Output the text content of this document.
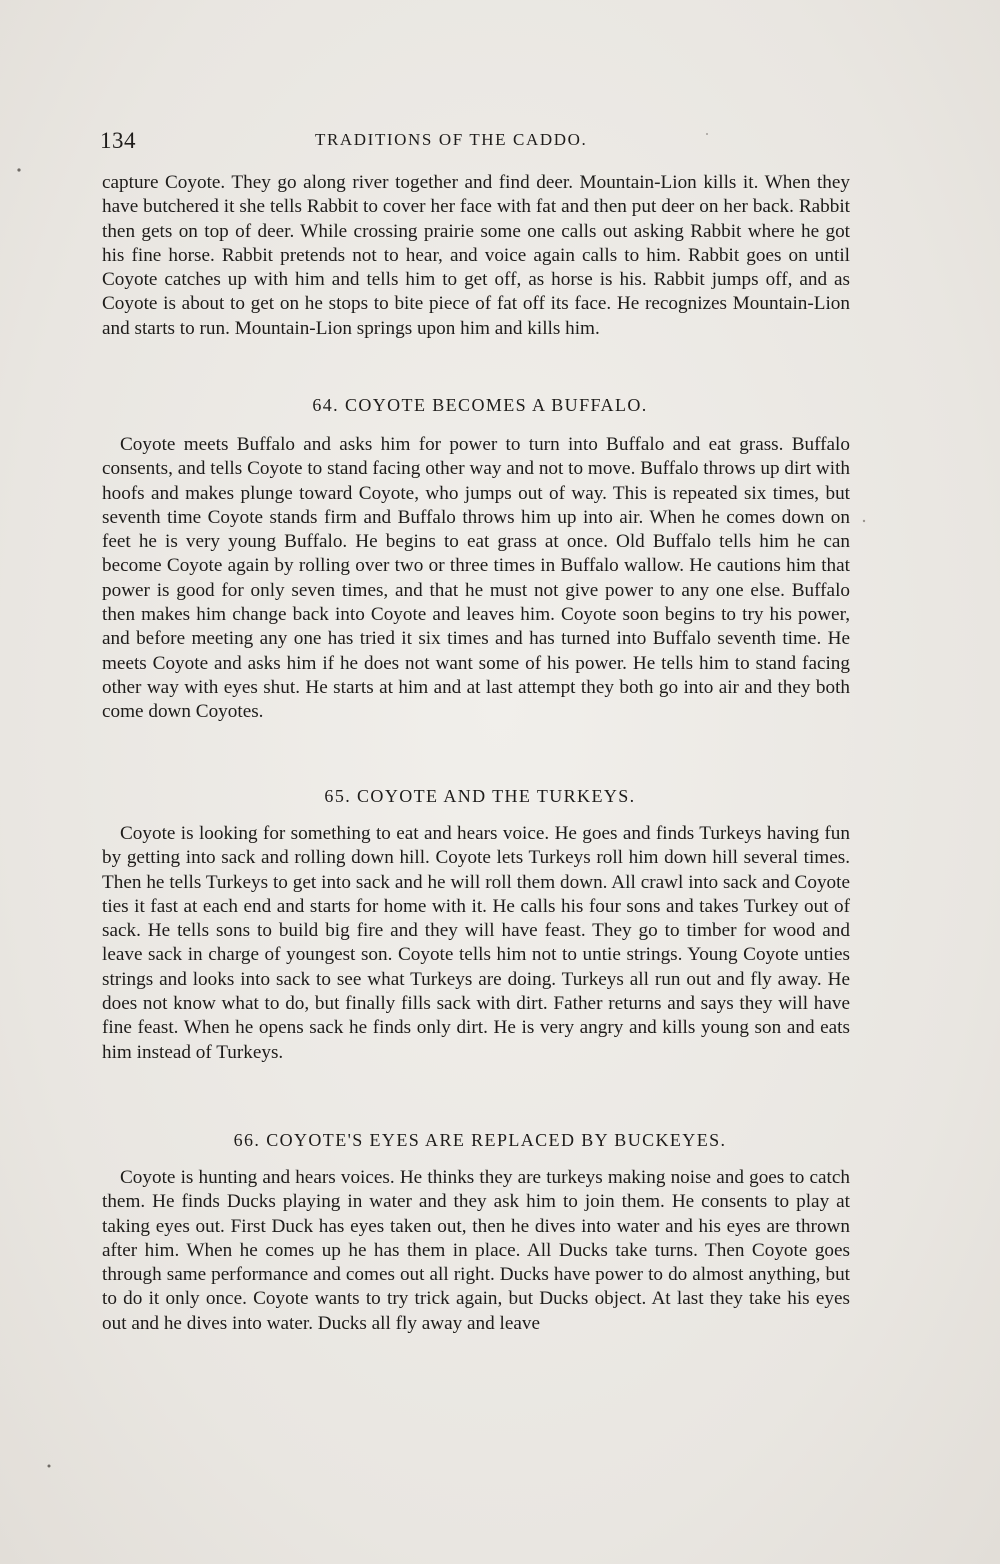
134	TRADITIONS OF THE CADDO.

capture Coyote. They go along river together and find deer. Mountain-Lion kills it. When they have butchered it she tells Rabbit to cover her face with fat and then put deer on her back. Rabbit then gets on top of deer. While crossing prairie some one calls out asking Rabbit where he got his fine horse. Rabbit pretends not to hear, and voice again calls to him. Rabbit goes on until Coyote catches up with him and tells him to get off, as horse is his. Rabbit jumps off, and as Coyote is about to get on he stops to bite piece of fat off its face. He recognizes Mountain-Lion and starts to run. Mountain-Lion springs upon him and kills him.

64. COYOTE BECOMES A BUFFALO.

Coyote meets Buffalo and asks him for power to turn into Buffalo and eat grass. Buffalo consents, and tells Coyote to stand facing other way and not to move. Buffalo throws up dirt with hoofs and makes plunge toward Coyote, who jumps out of way. This is repeated six times, but seventh time Coyote stands firm and Buffalo throws him up into air. When he comes down on feet he is very young Buffalo. He begins to eat grass at once. Old Buffalo tells him he can become Coyote again by rolling over two or three times in Buffalo wallow. He cautions him that power is good for only seven times, and that he must not give power to any one else. Buffalo then makes him change back into Coyote and leaves him. Coyote soon begins to try his power, and before meeting any one has tried it six times and has turned into Buffalo seventh time. He meets Coyote and asks him if he does not want some of his power. He tells him to stand facing other way with eyes shut. He starts at him and at last attempt they both go into air and they both come down Coyotes.

65. COYOTE AND THE TURKEYS.

Coyote is looking for something to eat and hears voice. He goes and finds Turkeys having fun by getting into sack and rolling down hill. Coyote lets Turkeys roll him down hill several times. Then he tells Turkeys to get into sack and he will roll them down. All crawl into sack and Coyote ties it fast at each end and starts for home with it. He calls his four sons and takes Turkey out of sack. He tells sons to build big fire and they will have feast. They go to timber for wood and leave sack in charge of youngest son. Coyote tells him not to untie strings. Young Coyote unties strings and looks into sack to see what Turkeys are doing. Turkeys all run out and fly away. He does not know what to do, but finally fills sack with dirt. Father returns and says they will have fine feast. When he opens sack he finds only dirt. He is very angry and kills young son and eats him instead of Turkeys.

66. COYOTE'S EYES ARE REPLACED BY BUCKEYES.

Coyote is hunting and hears voices. He thinks they are turkeys making noise and goes to catch them. He finds Ducks playing in water and they ask him to join them. He consents to play at taking eyes out. First Duck has eyes taken out, then he dives into water and his eyes are thrown after him. When he comes up he has them in place. All Ducks take turns. Then Coyote goes through same performance and comes out all right. Ducks have power to do almost anything, but to do it only once. Coyote wants to try trick again, but Ducks object. At last they take his eyes out and he dives into water. Ducks all fly away and leave
